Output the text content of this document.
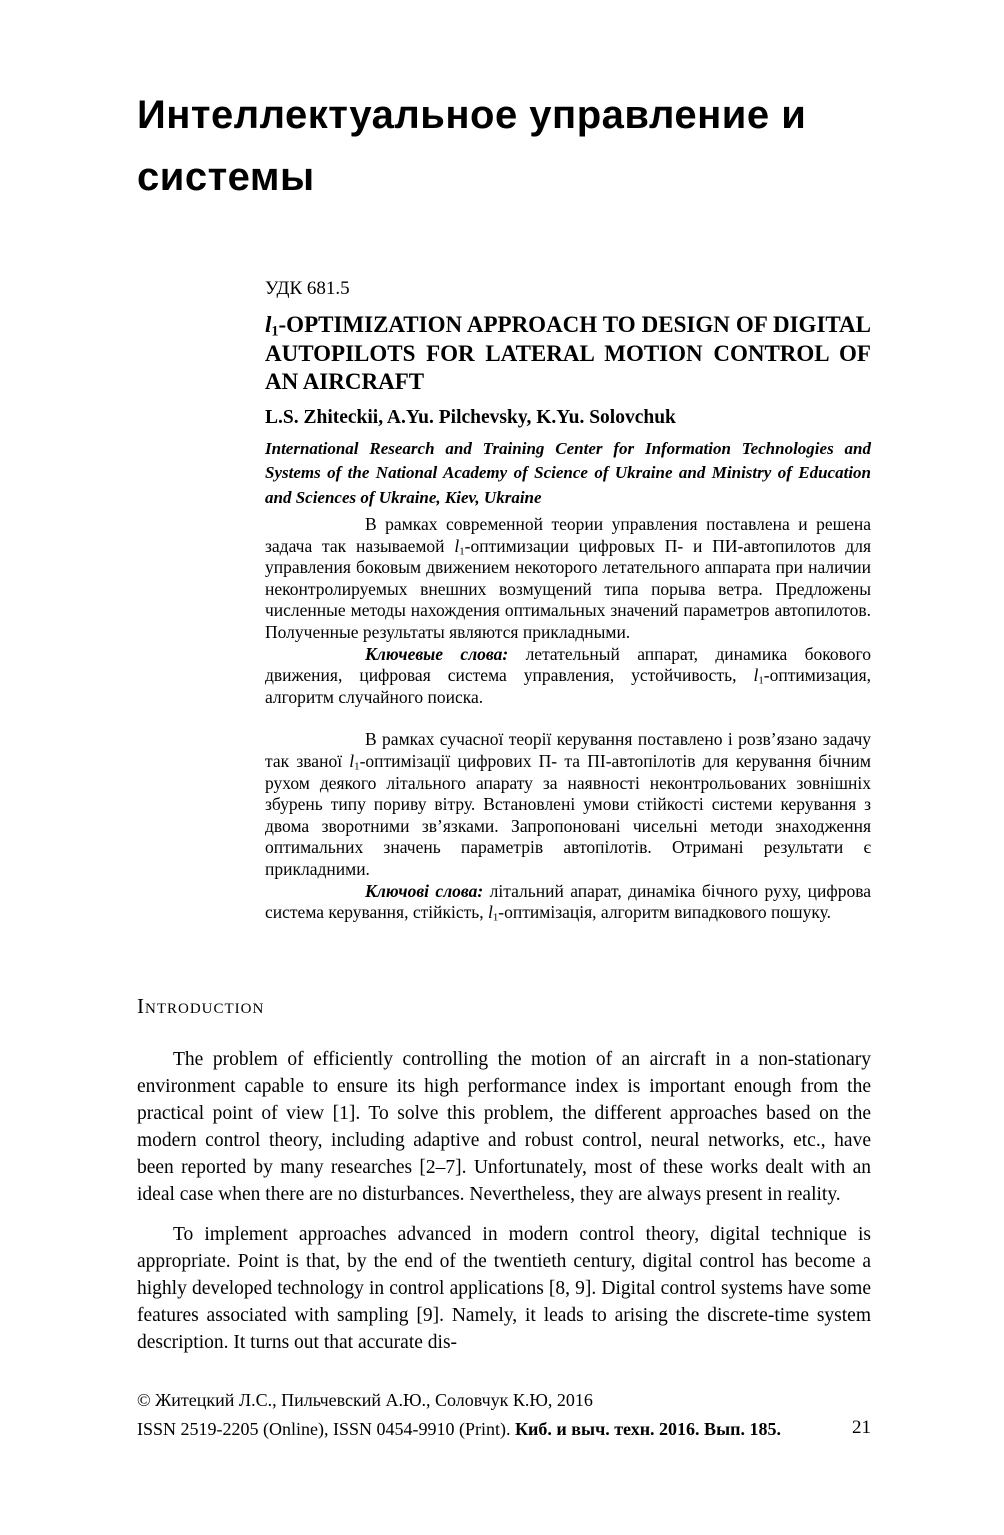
Интеллектуальное управление и
системы
УДК 681.5
$l_1$-OPTIMIZATION APPROACH TO DESIGN OF DIGITAL AUTOPILOTS FOR LATERAL MOTION CONTROL OF AN AIRCRAFT
L.S. Zhiteckii, A.Yu. Pilchevsky, K.Yu. Solovchuk
International Research and Training Center for Information Technologies and Systems of the National Academy of Science of Ukraine and Ministry of Education and Sciences of Ukraine, Kiev, Ukraine

В рамках современной теории управления поставлена и решена задача так называемой $l_1$-оптимизации цифровых П- и ПИ-автопилотов для управления боковым движением некоторого летательного аппарата при наличии неконтролируемых внешних возмущений типа порыва ветра. Предложены численные методы нахождения оптимальных значений параметров автопилотов. Полученные результаты являются прикладными.

Ключевые слова: летательный аппарат, динамика бокового движения, цифровая система управления, устойчивость, $l_1$-оптимизация, алгоритм случайного поиска.

В рамках сучасної теорії керування поставлено і розв’язано задачу так званої $l_1$-оптимізації цифрових П- та ПІ-автопілотів для керування бічним рухом деякого літального апарату за наявності неконтрольованих зовнішніх збурень типу пориву вітру. Встановлені умови стійкості системи керування з двома зворотними зв’язками. Запропоновані чисельні методи знаходження оптимальних значень параметрів автопілотів. Отримані результати є прикладними.

Ключові слова: літальний апарат, динаміка бічного руху, цифрова система керування, стійкість, $l_1$-оптимізація, алгоритм випадкового пошуку.

Introduction

The problem of efficiently controlling the motion of an aircraft in a non-stationary environment capable to ensure its high performance index is important enough from the practical point of view [1]. To solve this problem, the different approaches based on the modern control theory, including adaptive and robust control, neural networks, etc., have been reported by many researches [2–7]. Unfortunately, most of these works dealt with an ideal case when there are no disturbances. Nevertheless, they are always present in reality.

To implement approaches advanced in modern control theory, digital technique is appropriate. Point is that, by the end of the twentieth century, digital control has become a highly developed technology in control applications [8, 9]. Digital control systems have some features associated with sampling [9]. Namely, it leads to arising the discrete-time system description. It turns out that accurate dis-

© Житецкий Л.С., Пильчевский А.Ю., Соловчук К.Ю, 2016
ISSN 2519-2205 (Online), ISSN 0454-9910 (Print). Киб. и выч. техн. 2016. Вып. 185.	21
